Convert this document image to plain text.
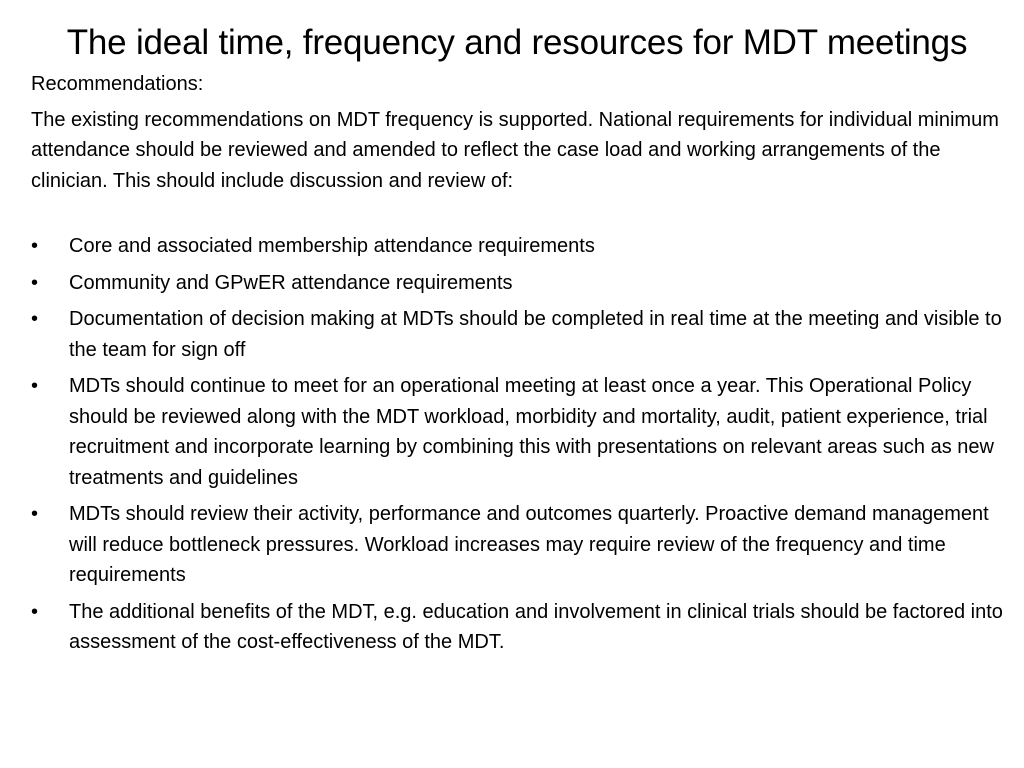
The ideal time, frequency and resources for MDT meetings

Recommendations:

The existing recommendations on MDT frequency is supported. National requirements for individual minimum attendance should be reviewed and amended to reflect the case load and working arrangements of the clinician. This should include discussion and review of:

• Core and associated membership attendance requirements
• Community and GPwER attendance requirements
• Documentation of decision making at MDTs should be completed in real time at the meeting and visible to the team for sign off
• MDTs should continue to meet for an operational meeting at least once a year. This Operational Policy should be reviewed along with the MDT workload, morbidity and mortality, audit, patient experience, trial recruitment and incorporate learning by combining this with presentations on relevant areas such as new treatments and guidelines
• MDTs should review their activity, performance and outcomes quarterly. Proactive demand management will reduce bottleneck pressures. Workload increases may require review of the frequency and time requirements
• The additional benefits of the MDT, e.g. education and involvement in clinical trials should be factored into assessment of the cost-effectiveness of the MDT.
